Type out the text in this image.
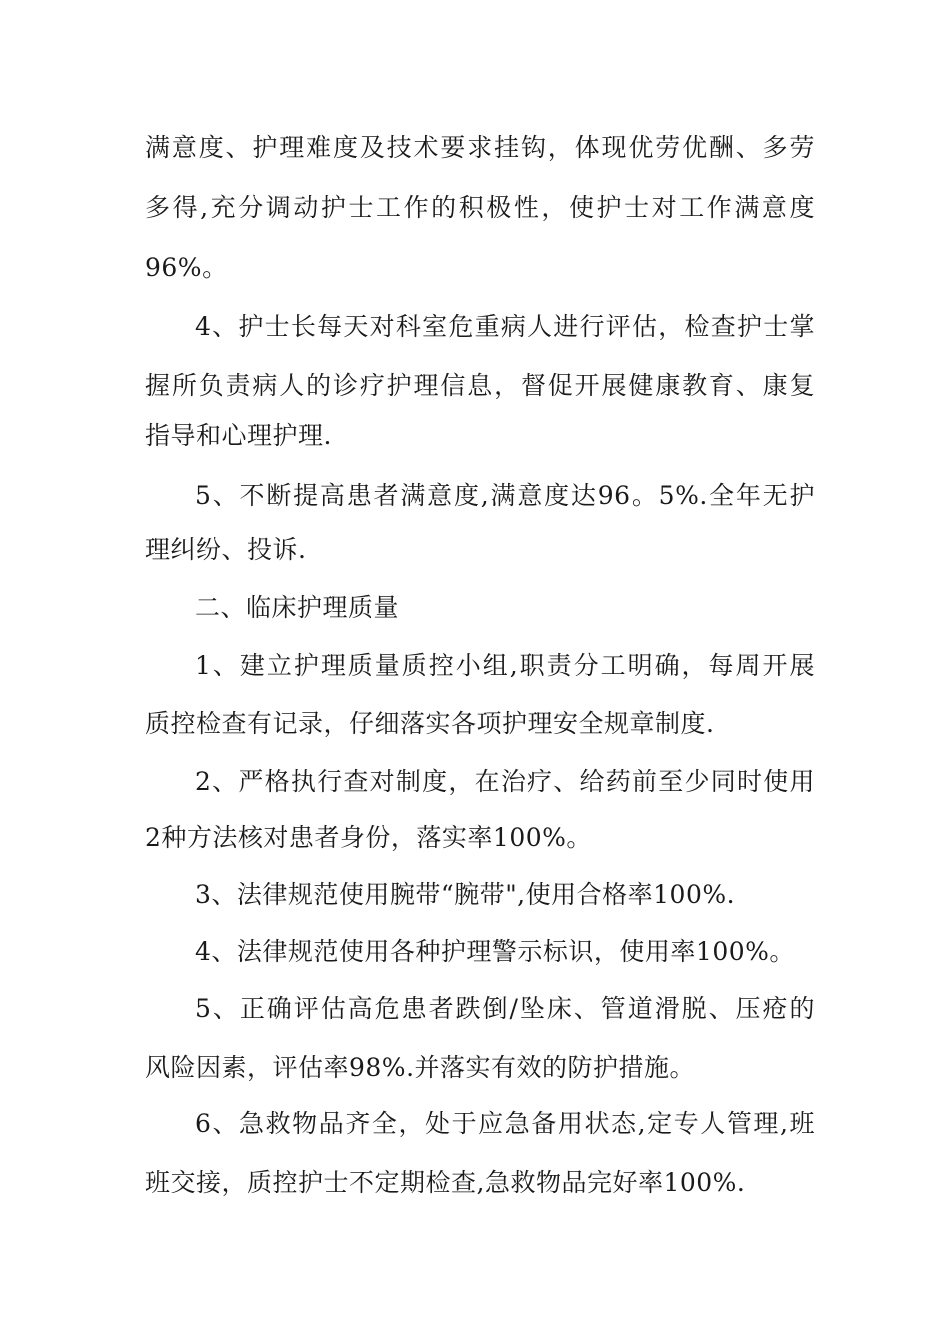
满意度、护理难度及技术要求挂钩，体现优劳优酬、多劳
多得,充分调动护士工作的积极性，使护士对工作满意度
96%。
4、护士长每天对科室危重病人进行评估，检查护士掌
握所负责病人的诊疗护理信息，督促开展健康教育、康复
指导和心理护理.
5、不断提高患者满意度,满意度达96。5%.全年无护
理纠纷、投诉.
二、临床护理质量
1、建立护理质量质控小组,职责分工明确，每周开展
质控检查有记录，仔细落实各项护理安全规章制度.
2、严格执行查对制度，在治疗、给药前至少同时使用
2种方法核对患者身份，落实率100%。
3、法律规范使用腕带“腕带",使用合格率100%.
4、法律规范使用各种护理警示标识，使用率100%。
5、正确评估高危患者跌倒/坠床、管道滑脱、压疮的
风险因素，评估率98%.并落实有效的防护措施。
6、急救物品齐全，处于应急备用状态,定专人管理,班
班交接，质控护士不定期检查,急救物品完好率100%.
